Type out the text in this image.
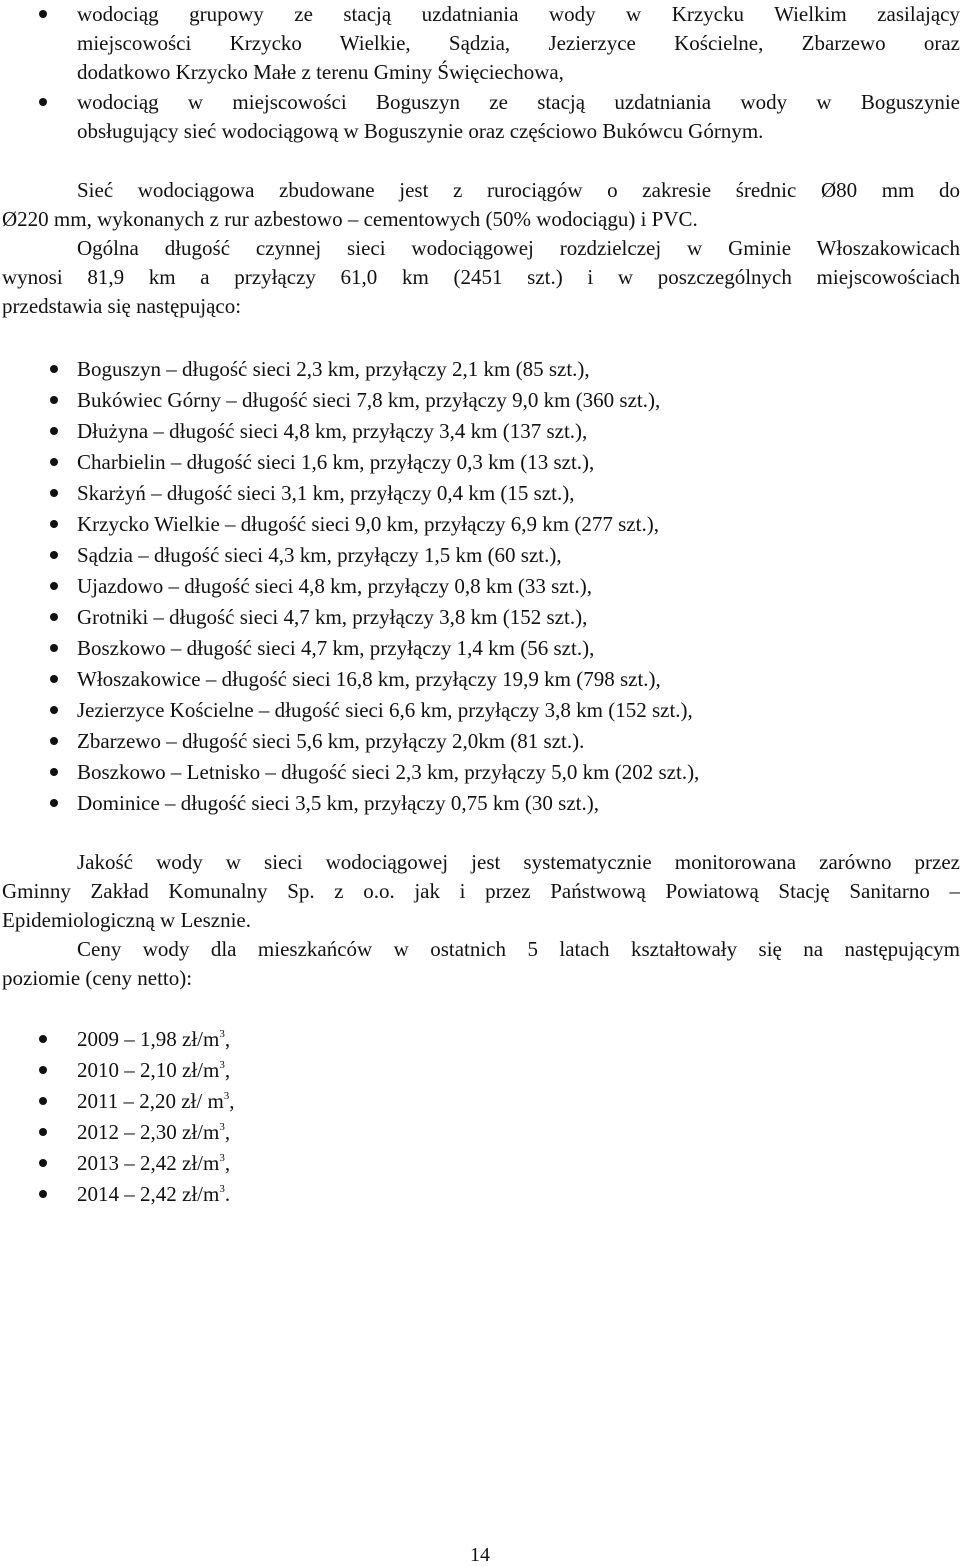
wodociąg grupowy ze stacją uzdatniania wody w Krzycku Wielkim zasilający
miejscowości Krzycko Wielkie, Sądzia, Jezierzyce Kościelne, Zbarzewo oraz
dodatkowo Krzycko Małe z terenu Gminy Święciechowa,
wodociąg w miejscowości Boguszyn ze stacją uzdatniania wody w Boguszynie
obsługujący sieć wodociągową w Boguszynie oraz częściowo Bukówcu Górnym.
Sieć wodociągowa zbudowane jest z rurociągów o zakresie średnic Ø80 mm do
Ø220 mm, wykonanych z rur azbestowo – cementowych (50% wodociągu) i PVC.
Ogólna długość czynnej sieci wodociągowej rozdzielczej w Gminie Włoszakowicach
wynosi 81,9 km a przyłączy 61,0 km (2451 szt.) i w poszczególnych miejscowościach
przedstawia się następująco:
Boguszyn – długość sieci 2,3 km, przyłączy 2,1 km (85 szt.),
Bukówiec Górny – długość sieci 7,8 km, przyłączy 9,0 km (360 szt.),
Dłużyna – długość sieci 4,8 km, przyłączy 3,4 km (137 szt.),
Charbielin – długość sieci 1,6 km, przyłączy 0,3 km (13 szt.),
Skarżyń – długość sieci 3,1 km, przyłączy 0,4 km (15 szt.),
Krzycko Wielkie – długość sieci 9,0 km, przyłączy 6,9 km (277 szt.),
Sądzia – długość sieci 4,3 km, przyłączy 1,5 km (60 szt.),
Ujazdowo – długość sieci 4,8 km, przyłączy 0,8 km (33 szt.),
Grotniki – długość sieci 4,7 km, przyłączy 3,8 km (152 szt.),
Boszkowo – długość sieci 4,7 km, przyłączy 1,4 km (56 szt.),
Włoszakowice – długość sieci 16,8 km, przyłączy 19,9 km (798 szt.),
Jezierzyce Kościelne – długość sieci 6,6 km, przyłączy 3,8 km (152 szt.),
Zbarzewo – długość sieci 5,6 km, przyłączy 2,0km (81 szt.).
Boszkowo – Letnisko – długość sieci 2,3 km, przyłączy 5,0 km (202 szt.),
Dominice – długość sieci 3,5 km, przyłączy 0,75 km (30 szt.),
Jakość wody w sieci wodociągowej jest systematycznie monitorowana zarówno przez
Gminny Zakład Komunalny Sp. z o.o. jak i przez Państwową Powiatową Stację Sanitarno –
Epidemiologiczną w Lesznie.
Ceny wody dla mieszkańców w ostatnich 5 latach kształtowały się na następującym
poziomie (ceny netto):
2009 – 1,98 $zł/m^3$,
2010 – 2,10 $zł/m^3$,
2011 – 2,20 zł/ $m^3$,
2012 – 2,30 $zł/m^3$,
2013 – 2,42 $zł/m^3$,
2014 – 2,42 $zł/m^3$.
14
